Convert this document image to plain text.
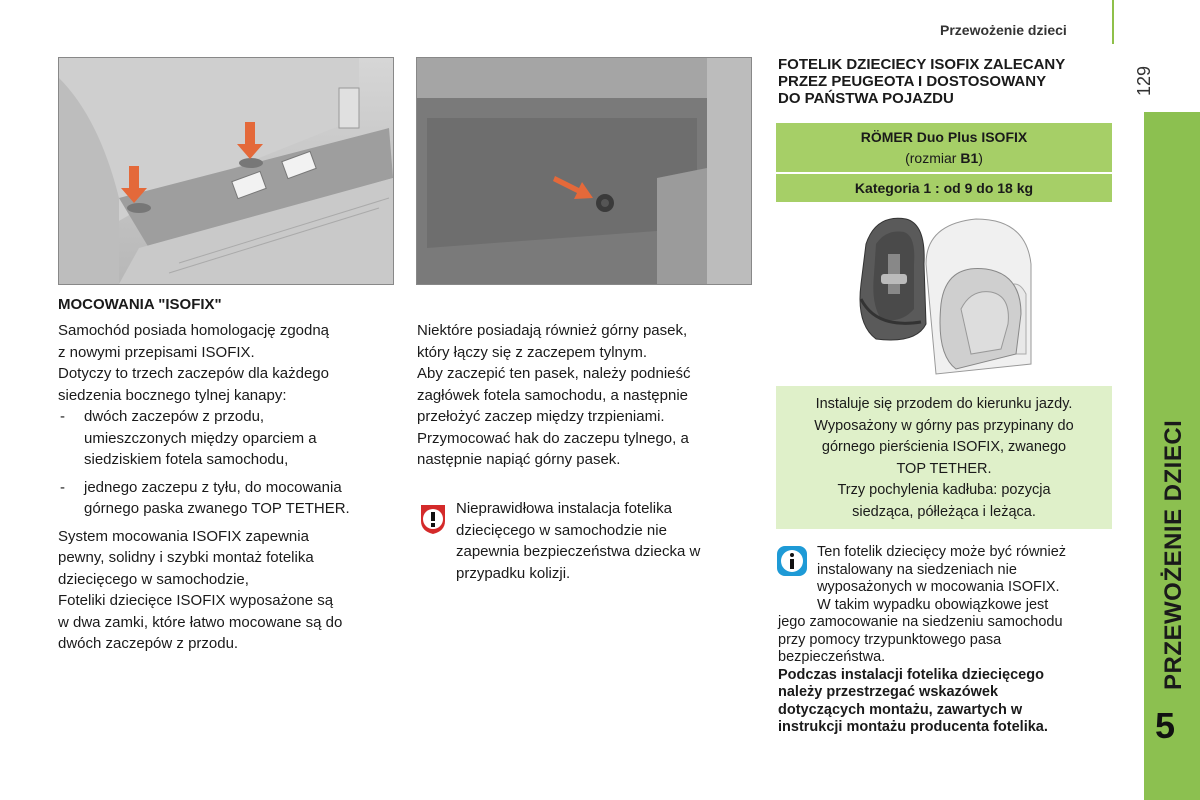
Przewożenie dzieci
129
PRZEWOŻENIE DZIECI
5
MOCOWANIA "ISOFIX"

Samochód posiada homologację zgodną

z nowymi przepisami ISOFIX.

Dotyczy to trzech zaczepów dla każdego

siedzenia bocznego tylnej kanapy:

- dwóch zaczepów z przodu,
umieszczonych między oparciem a
siedziskiem fotela samochodu,
- jednego zaczepu z tyłu, do mocowania
górnego paska zwanego TOP TETHER.

System mocowania ISOFIX zapewnia

pewny, solidny i szybki montaż fotelika

dziecięcego w samochodzie,

Foteliki dziecięce ISOFIX wyposażone są

w dwa zamki, które łatwo mocowane są do

dwóch zaczepów z przodu.

Niektóre posiadają również górny pasek,

który łączy się z zaczepem tylnym.

Aby zaczepić ten pasek, należy podnieść

zagłówek fotela samochodu, a następnie

przełożyć zaczep między trzpieniami.

Przymocować hak do zaczepu tylnego, a

następnie napiąć górny pasek.

Nieprawidłowa instalacja fotelika

dziecięcego w samochodzie nie

zapewnia bezpieczeństwa dziecka w

przypadku kolizji.

FOTELIK DZIECIECY ISOFIX ZALECANY
PRZEZ PEUGEOTA I DOSTOSOWANY
DO PAŃSTWA POJAZDU
RÖMER Duo Plus ISOFIX
(rozmiar B1)
Kategoria 1 : od 9 do 18 kg
Instaluje się przodem do kierunku jazdy.
Wyposażony w górny pas przypinany do
górnego pierścienia ISOFIX, zwanego
TOP TETHER.
Trzy pochylenia kadłuba: pozycja
siedząca, półleżąca i leżąca.
Ten fotelik dziecięcy może być również
instalowany na siedzeniach nie
wyposażonych w mocowania ISOFIX.
W takim wypadku obowiązkowe jest
jego zamocowanie na siedzeniu samochodu
przy pomocy trzypunktowego pasa
bezpieczeństwa.
Podczas instalacji fotelika dziecięcego
należy przestrzegać wskazówek
dotyczących montażu, zawartych w
instrukcji montażu producenta fotelika.
